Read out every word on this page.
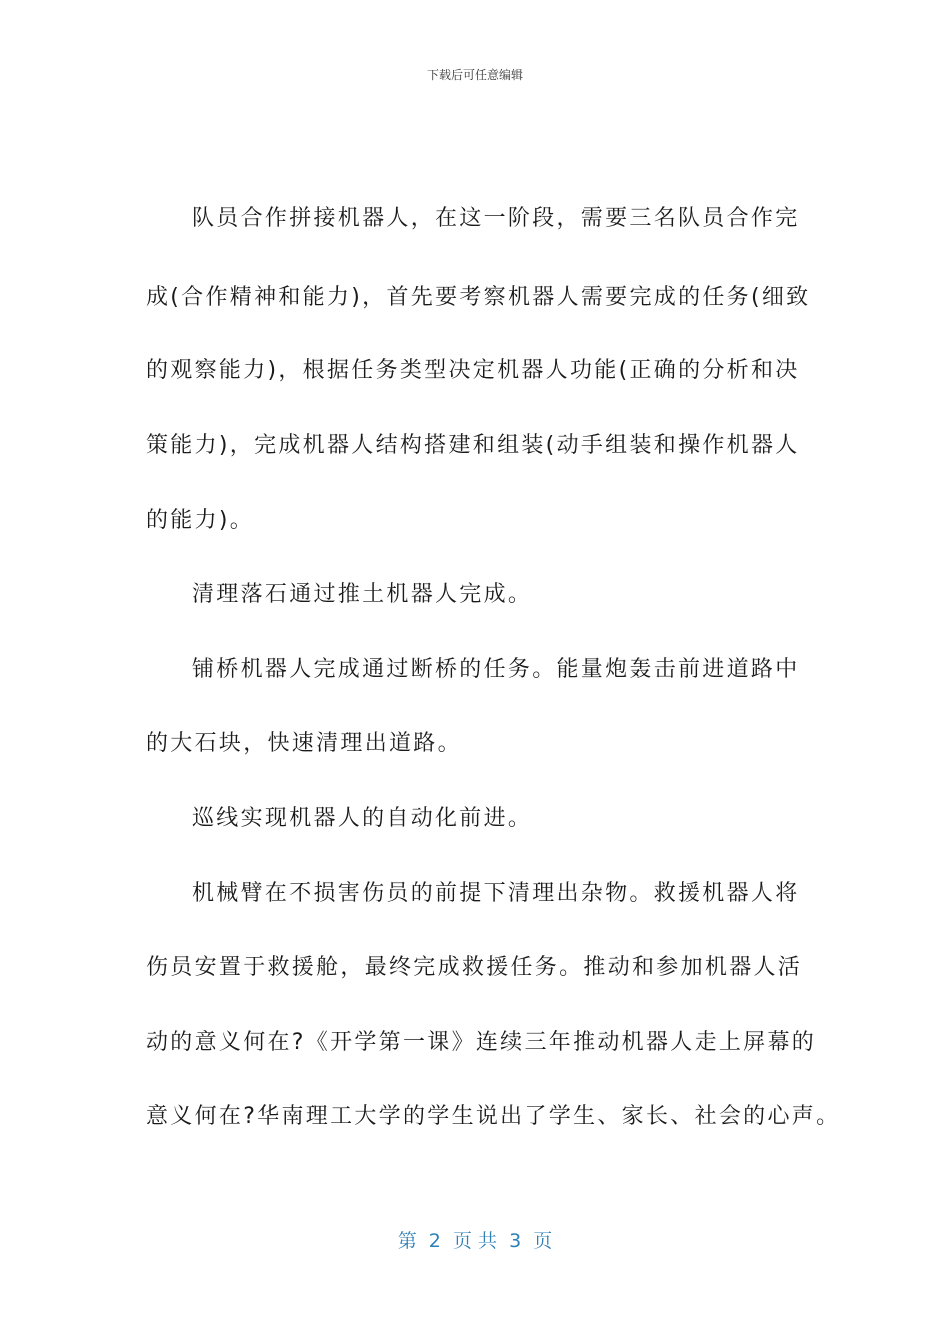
下载后可任意编辑
队员合作拼接机器人，在这一阶段，需要三名队员合作完
成(合作精神和能力)，首先要考察机器人需要完成的任务(细致
的观察能力)，根据任务类型决定机器人功能(正确的分析和决
策能力)，完成机器人结构搭建和组装(动手组装和操作机器人
的能力)。
清理落石通过推土机器人完成。
铺桥机器人完成通过断桥的任务。能量炮轰击前进道路中
的大石块，快速清理出道路。
巡线实现机器人的自动化前进。
机械臂在不损害伤员的前提下清理出杂物。救援机器人将
伤员安置于救援舱，最终完成救援任务。推动和参加机器人活
动的意义何在?《开学第一课》连续三年推动机器人走上屏幕的
意义何在?华南理工大学的学生说出了学生、家长、社会的心声。
第  2  页 共  3  页
